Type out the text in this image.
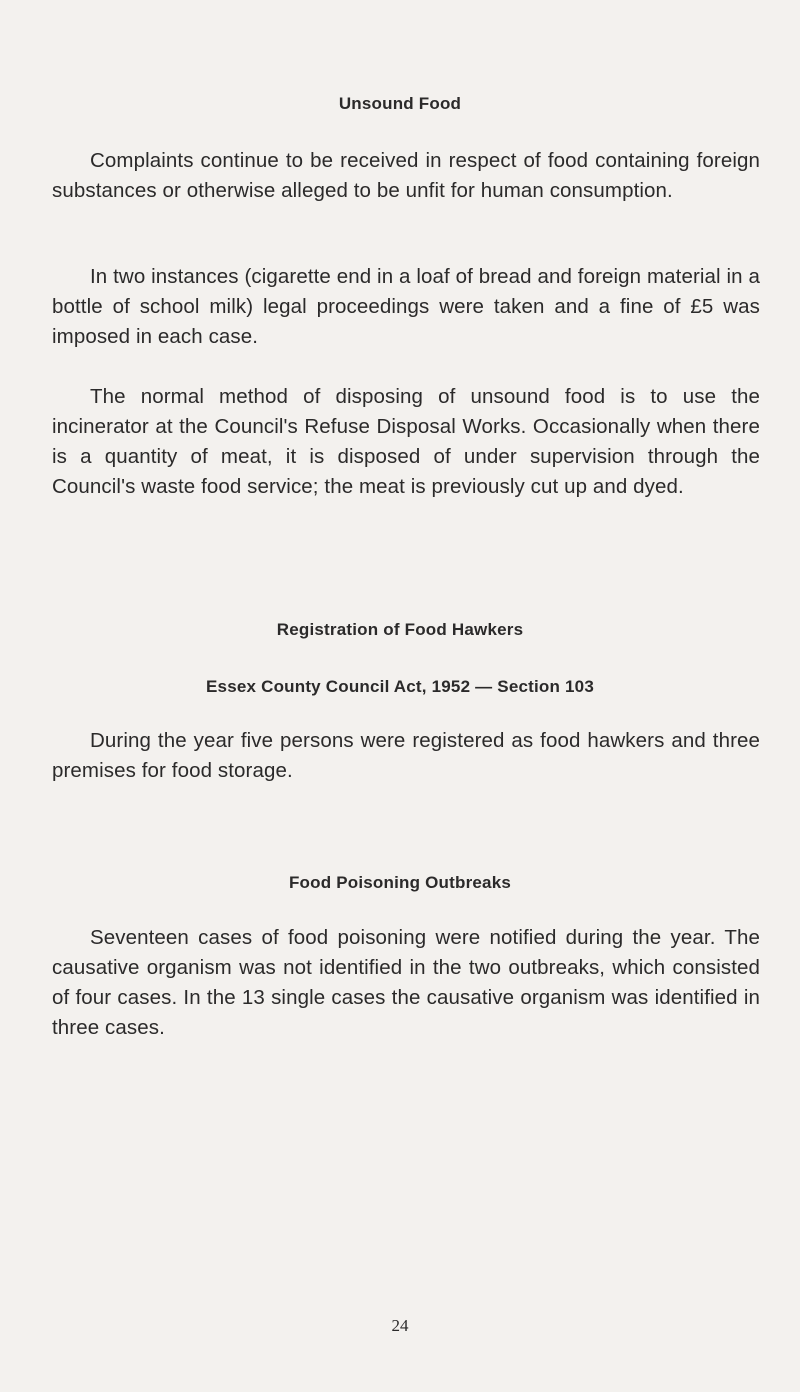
Unsound Food

Complaints continue to be received in respect of food containing foreign substances or otherwise alleged to be unfit for human consumption.

In two instances (cigarette end in a loaf of bread and foreign material in a bottle of school milk) legal proceedings were taken and a fine of £5 was imposed in each case.

The normal method of disposing of unsound food is to use the incinerator at the Council's Refuse Disposal Works. Occasionally when there is a quantity of meat, it is disposed of under supervision through the Council's waste food service; the meat is previously cut up and dyed.

Registration of Food Hawkers
Essex County Council Act, 1952 — Section 103

During the year five persons were registered as food hawkers and three premises for food storage.

Food Poisoning Outbreaks

Seventeen cases of food poisoning were notified during the year. The causative organism was not identified in the two outbreaks, which consisted of four cases. In the 13 single cases the causative organism was identified in three cases.

24
